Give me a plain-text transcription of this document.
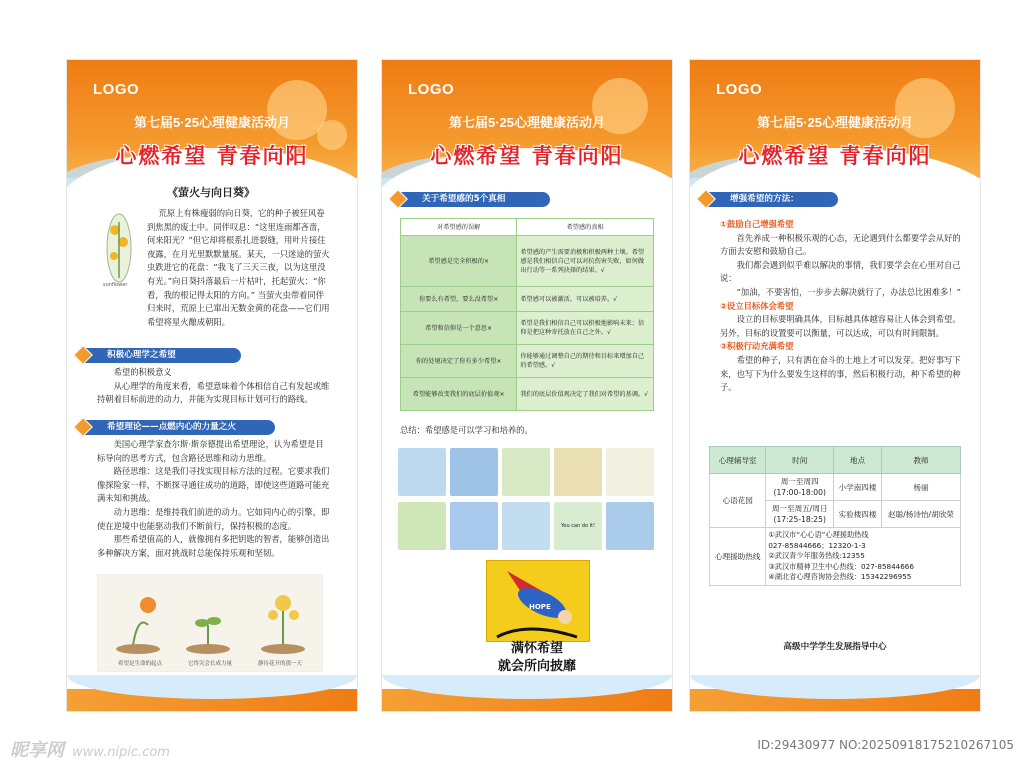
LOGO
第七届5·25心理健康活动月
心燃希望 青春向阳
《萤火与向日葵》
sunflower

荒原上有株瘦弱的向日葵，它的种子被狂风卷到焦黑的废土中。同伴叹息：“这里连雨都吝啬，何来阳光？”但它却将根系扎进裂缝，用叶片接住夜露，在月光里默默量展。某天，一只迷途的萤火虫跌进它的花盘：“我飞了三天三夜，以为这里没有光。”向日葵抖落最后一片枯叶，托起萤火：“你看，我的根记得太阳的方向。” 当萤火虫带着同伴归来时，荒原上已窜出无数金黄的花盘——它们用希望将星火酿成朝阳。

积极心理学之希望

希望的积极意义

从心理学的角度来看，希望意味着个体相信自己有发起或维持朝着目标前进的动力，并能为实现目标计划可行的路线。

希望理论——点燃内心的力量之火

美国心理学家查尔斯·斯奈德提出希望理论，认为希望是目标导向的思考方式，包含路径思维和动力思维。

路径思维：这是我们寻找实现目标方法的过程。它要求我们像探险家一样，不断探寻通往成功的道路，即使这些道路可能充满未知和挑战。

动力思维：是维持我们前进的动力。它如同内心的引擎，即使在逆境中也能驱动我们不断前行，保持积极的态度。

那些希望值高的人，就像拥有多把钥匙的智者，能够创造出多种解决方案，面对挑战时总能保持乐观和坚韧。

希望是生命的起点	它终究会长成力量	静待花开的那一天
LOGO
第七届5·25心理健康活动月
心燃希望 青春向阳
关于希望感的5个真相
对希望感的误解	希望感的真相
希望感是完全积极的×	希望感的产生需要消极和积极两种土壤。希望感是我们相信自己可以对抗伤害失败，如何做出行动等一系列抉择的结果。√
你要么有希望，要么没希望×	希望感可以被激活，可以被培养。√
希望和信仰是一个意思×	希望是我们相信自己可以积极地影响未来；信仰是把这种寄托放在自己之外。√
你的处境决定了你有多少希望×	你能够通过调整自己的期待和目标来增加自己的希望感。√
希望能够改变我们的底层价值观×	我们的底层价值观决定了我们对希望的基调。√
总结：希望感是可以学习和培养的。
You can do it!
HOPE
满怀希望
就会所向披靡
LOGO
第七届5·25心理健康活动月
心燃希望 青春向阳
增强希望的方法：
①鼓励自己增强希望

首先养成一种积极乐观的心态，无论遇到什么都要学会从好的方面去安慰和鼓励自己。

我们都会遇到似乎难以解决的事情，我们要学会在心里对自己说：

“加油，不要害怕，一步步去解决就行了，办法总比困难多！”

②设立目标体会希望

设立的目标要明确具体，目标越具体越容易让人体会到希望。另外，目标的设置要可以衡量，可以达成，可以有时间限制。

③积极行动充满希望

希望的种子，只有洒在奋斗的土地上才可以发芽。把好事写下来，也写下为什么要发生这样的事，然后积极行动，种下希望的种子。

心理辅导室	时间	地点	教师
心语花园	周一至周四
(17:00-18:00)	小学南四楼	杨丽
	周一至周五/周日
(17:25-18:25)	实验楼四楼	赵聪/杨诗怡/胡欣荣
心理援助热线	①武汉市“心心语”心理援助热线
027-85844666；12320-1-3
②武汉青少年服务热线:12355
③武汉市精神卫生中心热线：027-85844666
④湖北省心理咨询协会热线：15342296955		
高级中学学生发展指导中心
昵享网 www.nipic.com	ID:29430977 NO:20250918175210267105
